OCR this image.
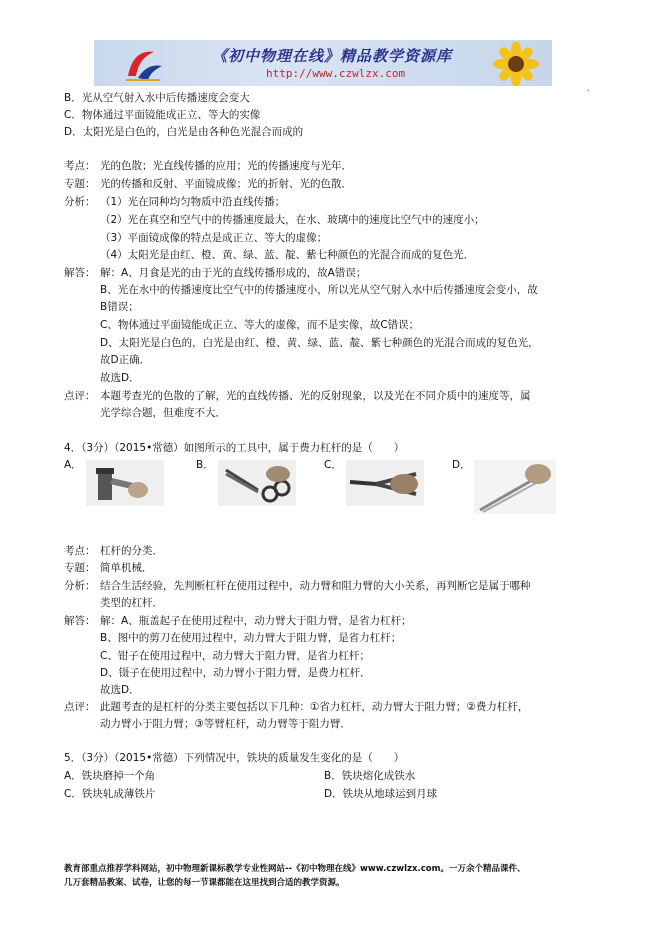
《初中物理在线》精品教学资源库
http://www.czwlzx.com
.
B．光从空气射入水中后传播速度会变大
C．物体通过平面镜能成正立、等大的实像
D．太阳光是白色的，白光是由各种色光混合而成的
考点： 光的色散；光直线传播的应用；光的传播速度与光年．
专题： 光的传播和反射、平面镜成像；光的折射、光的色散．
分析： （1）光在同种均匀物质中沿直线传播；
（2）光在真空和空气中的传播速度最大，在水、玻璃中的速度比空气中的速度小；
（3）平面镜成像的特点是成正立、等大的虚像；
（4）太阳光是由红、橙、黄、绿、蓝、靛、紫七种颜色的光混合而成的复色光．
解答： 解：A、月食是光的由于光的直线传播形成的，故A错误；
B、光在水中的传播速度比空气中的传播速度小，所以光从空气射入水中后传播速度会变小，故
B错误；
C、物体通过平面镜能成正立、等大的虚像，而不是实像，故C错误；
D、太阳光是白色的，白光是由红、橙、黄、绿、蓝、靛、紫七种颜色的光混合而成的复色光，
故D正确．
故选D．
点评： 本题考查光的色散的了解，光的直线传播、光的反射现象，以及光在不同介质中的速度等，属
光学综合题，但难度不大．
4．（3分）（2015•常德）如图所示的工具中，属于费力杠杆的是（　　）
A．	B．	C．	D．
考点： 杠杆的分类．
专题： 简单机械．
分析： 结合生活经验，先判断杠杆在使用过程中，动力臂和阻力臂的大小关系，再判断它是属于哪种
类型的杠杆．
解答： 解：A、瓶盖起子在使用过程中，动力臂大于阻力臂，是省力杠杆；
B、图中的剪刀在使用过程中，动力臂大于阻力臂，是省力杠杆；
C、钳子在使用过程中，动力臂大于阻力臂，是省力杠杆；
D、镊子在使用过程中，动力臂小于阻力臂，是费力杠杆．
故选D．
点评： 此题考查的是杠杆的分类主要包括以下几种：①省力杠杆，动力臂大于阻力臂；②费力杠杆，
动力臂小于阻力臂；③等臂杠杆，动力臂等于阻力臂．
5．（3分）（2015•常德）下列情况中，铁块的质量发生变化的是（　　）
A．铁块磨掉一个角	B．铁块熔化成铁水
C．铁块轧成薄铁片	D．铁块从地球运到月球
教育部重点推荐学科网站，初中物理新课标教学专业性网站--《初中物理在线》www.czwlzx.com。一万余个精品课件、
几万套精品教案、试卷，让您的每一节课都能在这里找到合适的教学资源。
